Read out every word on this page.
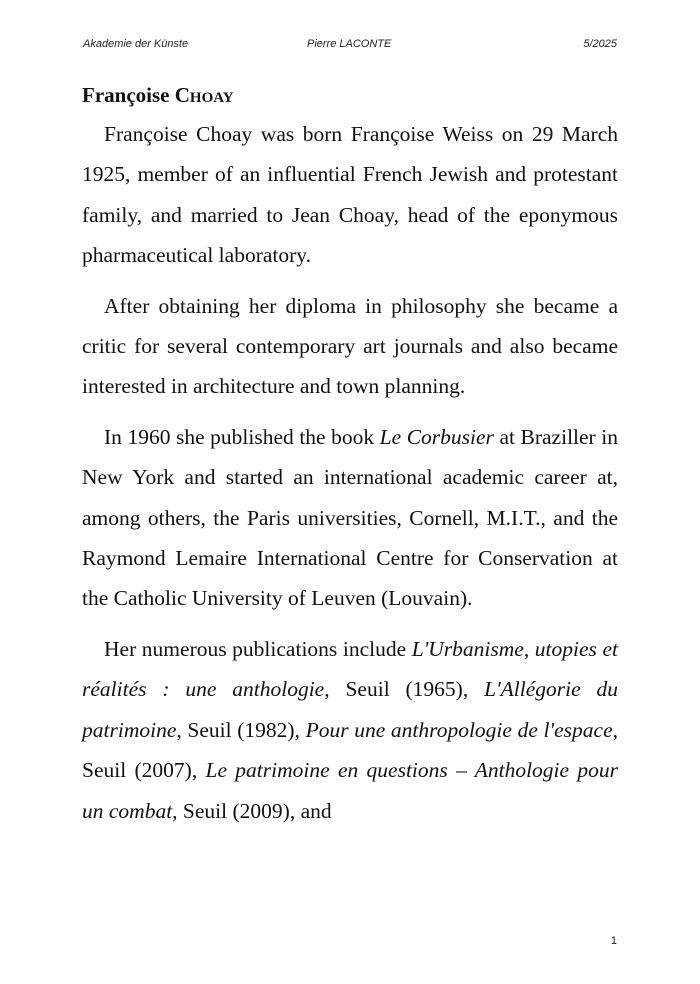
Akademie der Künste	Pierre LACONTE	5/2025
Françoise Choay

Françoise Choay was born Françoise Weiss on 29 March 1925, member of an influential French Jewish and protestant family, and married to Jean Choay, head of the eponymous pharmaceutical laboratory.

After obtaining her diploma in philosophy she became a critic for several contemporary art journals and also became interested in architecture and town planning.

In 1960 she published the book Le Corbusier at Braziller in New York and started an international academic career at, among others, the Paris universities, Cornell, M.I.T., and the Raymond Lemaire International Centre for Conservation at the Catholic University of Leuven (Louvain).

Her numerous publications include L'Urbanisme, utopies et réalités : une anthologie, Seuil (1965), L'Allégorie du patrimoine, Seuil (1982), Pour une anthropologie de l'espace, Seuil (2007), Le patrimoine en questions – Anthologie pour un combat, Seuil (2009), and

1
